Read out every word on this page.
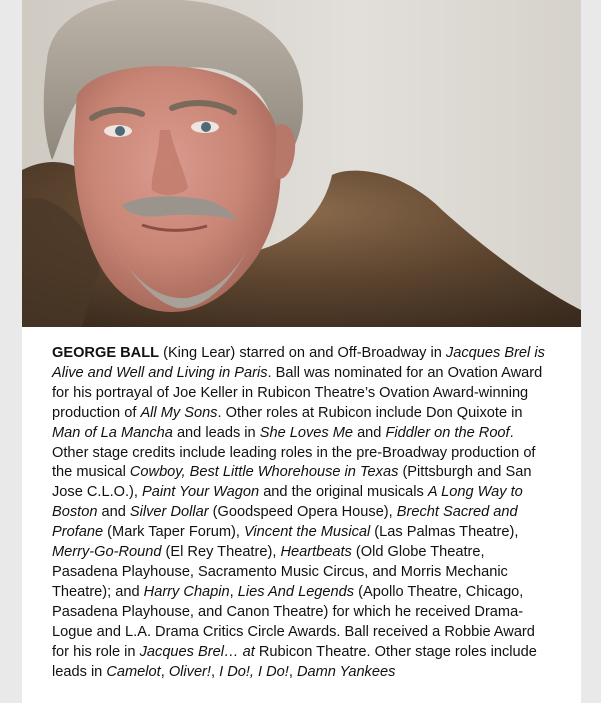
GEORGE BALL (King Lear) starred on and Off-Broadway in Jacques Brel is Alive and Well and Living in Paris. Ball was nominated for an Ovation Award for his portrayal of Joe Keller in Rubicon Theatre’s Ovation Award-winning production of All My Sons. Other roles at Rubicon include Don Quixote in Man of La Mancha and leads in She Loves Me and Fiddler on the Roof. Other stage credits include leading roles in the pre-Broadway production of the musical Cowboy, Best Little Whorehouse in Texas (Pittsburgh and San Jose C.L.O.), Paint Your Wagon and the original musicals A Long Way to Boston and Silver Dollar (Goodspeed Opera House), Brecht Sacred and Profane (Mark Taper Forum), Vincent the Musical (Las Palmas Theatre), Merry-Go-Round (El Rey Theatre), Heartbeats (Old Globe Theatre, Pasadena Playhouse, Sacramento Music Circus, and Morris Mechanic Theatre); and Harry Chapin, Lies And Legends (Apollo Theatre, Chicago, Pasadena Playhouse, and Canon Theatre) for which he received Drama-Logue and L.A. Drama Critics Circle Awards. Ball received a Robbie Award for his role in Jacques Brel… at Rubicon Theatre. Other stage roles include leads in Camelot, Oliver!, I Do!, I Do!, Damn Yankees
